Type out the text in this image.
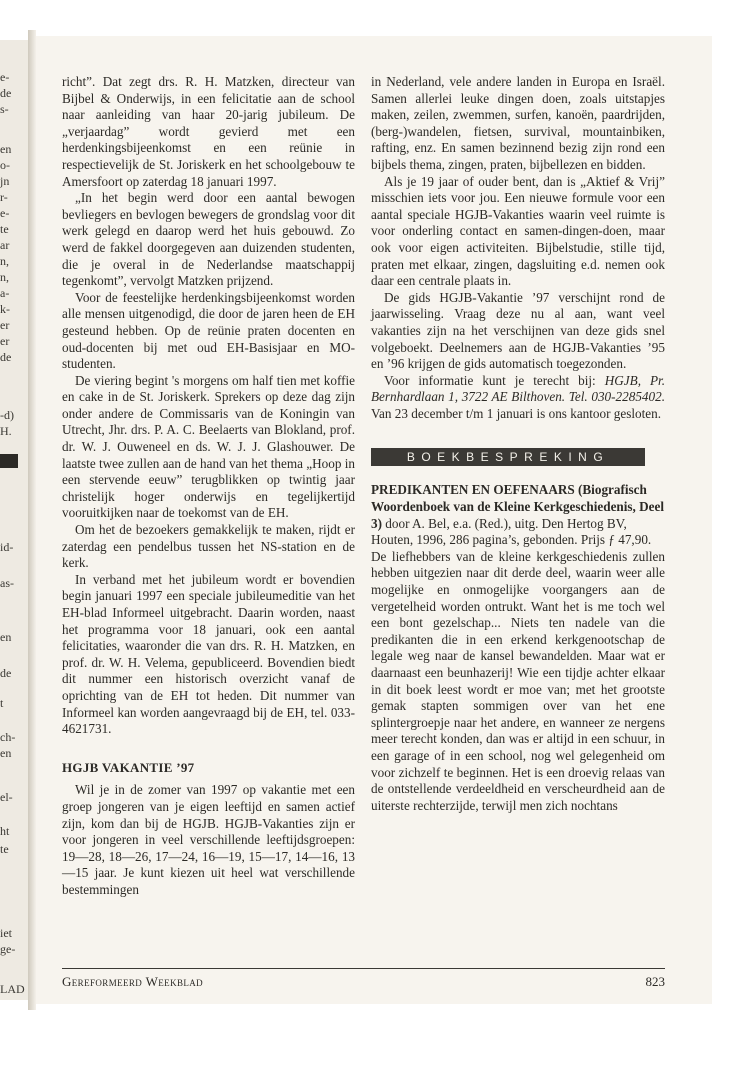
e-
de
s-
en
o-
jn
r-
e-
te
ar
n,
n,
a-
k-
er
er
de
-d)
H.
id-
as-
en
de
t
ch-
en
el-
ht
te
iet
ge-
LAD

richt”. Dat zegt drs. R. H. Matzken, directeur van Bijbel & Onderwijs, in een felicitatie aan de school naar aanleiding van haar 20-jarig jubileum. De „verjaardag” wordt gevierd met een herdenkingsbijeenkomst en een reünie in respectievelijk de St. Joriskerk en het schoolgebouw te Amersfoort op zaterdag 18 januari 1997.

„In het begin werd door een aantal bewogen bevliegers en bevlogen bewegers de grondslag voor dit werk gelegd en daarop werd het huis gebouwd. Zo werd de fakkel doorgegeven aan duizenden studenten, die je overal in de Nederlandse maatschappij tegenkomt”, vervolgt Matzken prijzend.

Voor de feestelijke herdenkingsbijeenkomst worden alle mensen uitgenodigd, die door de jaren heen de EH gesteund hebben. Op de reünie praten docenten en oud-docenten bij met oud EH-Basisjaar en MO-studenten.

De viering begint 's morgens om half tien met koffie en cake in de St. Joriskerk. Sprekers op deze dag zijn onder andere de Commissaris van de Koningin van Utrecht, Jhr. drs. P. A. C. Beelaerts van Blokland, prof. dr. W. J. Ouweneel en ds. W. J. J. Glashouwer. De laatste twee zullen aan de hand van het thema „Hoop in een stervende eeuw” terugblikken op twintig jaar christelijk hoger onderwijs en tegelijkertijd vooruitkijken naar de toekomst van de EH.

Om het de bezoekers gemakkelijk te maken, rijdt er zaterdag een pendelbus tussen het NS-station en de kerk.

In verband met het jubileum wordt er bovendien begin januari 1997 een speciale jubileumeditie van het EH-blad Informeel uitgebracht. Daarin worden, naast het programma voor 18 januari, ook een aantal felicitaties, waaronder die van drs. R. H. Matzken, en prof. dr. W. H. Velema, gepubliceerd. Bovendien biedt dit nummer een historisch overzicht vanaf de oprichting van de EH tot heden. Dit nummer van Informeel kan worden aangevraagd bij de EH, tel. 033-4621731.

HGJB VAKANTIE ’97

Wil je in de zomer van 1997 op vakantie met een groep jongeren van je eigen leeftijd en samen actief zijn, kom dan bij de HGJB. HGJB-Vakanties zijn er voor jongeren in veel verschillende leeftijdsgroepen: 19—28, 18—26, 17—24, 16—19, 15—17, 14—16, 13—15 jaar. Je kunt kiezen uit heel wat verschillende bestemmingen

in Nederland, vele andere landen in Europa en Israël. Samen allerlei leuke dingen doen, zoals uitstapjes maken, zeilen, zwemmen, surfen, kanoën, paardrijden, (berg-)wandelen, fietsen, survival, mountainbiken, rafting, enz. En samen bezinnend bezig zijn rond een bijbels thema, zingen, praten, bijbellezen en bidden.

Als je 19 jaar of ouder bent, dan is „Aktief & Vrij” misschien iets voor jou. Een nieuwe formule voor een aantal speciale HGJB-Vakanties waarin veel ruimte is voor onderling contact en samen-dingen-doen, maar ook voor eigen activiteiten. Bijbelstudie, stille tijd, praten met elkaar, zingen, dagsluiting e.d. nemen ook daar een centrale plaats in.

De gids HGJB-Vakantie ’97 verschijnt rond de jaarwisseling. Vraag deze nu al aan, want veel vakanties zijn na het verschijnen van deze gids snel volgeboekt. Deelnemers aan de HGJB-Vakanties ’95 en ’96 krijgen de gids automatisch toegezonden.

Voor informatie kunt je terecht bij: HGJB, Pr. Bernhardlaan 1, 3722 AE Bilthoven. Tel. 030-2285402. Van 23 december t/m 1 januari is ons kantoor gesloten.

BOEKBESPREKING

PREDIKANTEN EN OEFENAARS (Biografisch Woordenboek van de Kleine Kerkgeschiedenis, Deel 3) door A. Bel, e.a. (Red.), uitg. Den Hertog BV, Houten, 1996, 286 pagina’s, gebonden. Prijs ƒ 47,90.

De liefhebbers van de kleine kerkgeschiedenis zullen hebben uitgezien naar dit derde deel, waarin weer alle mogelijke en onmogelijke voorgangers aan de vergetelheid worden ontrukt. Want het is me toch wel een bont gezelschap... Niets ten nadele van die predikanten die in een erkend kerkgenootschap de legale weg naar de kansel bewandelden. Maar wat er daarnaast een beunhazerij! Wie een tijdje achter elkaar in dit boek leest wordt er moe van; met het grootste gemak stapten sommigen over van het ene splintergroepje naar het andere, en wanneer ze nergens meer terecht konden, dan was er altijd in een schuur, in een garage of in een school, nog wel gelegenheid om voor zichzelf te beginnen. Het is een droevig relaas van de ontstellende verdeeldheid en verscheurdheid aan de uiterste rechterzijde, terwijl men zich nochtans

Gereformeerd Weekblad	823
